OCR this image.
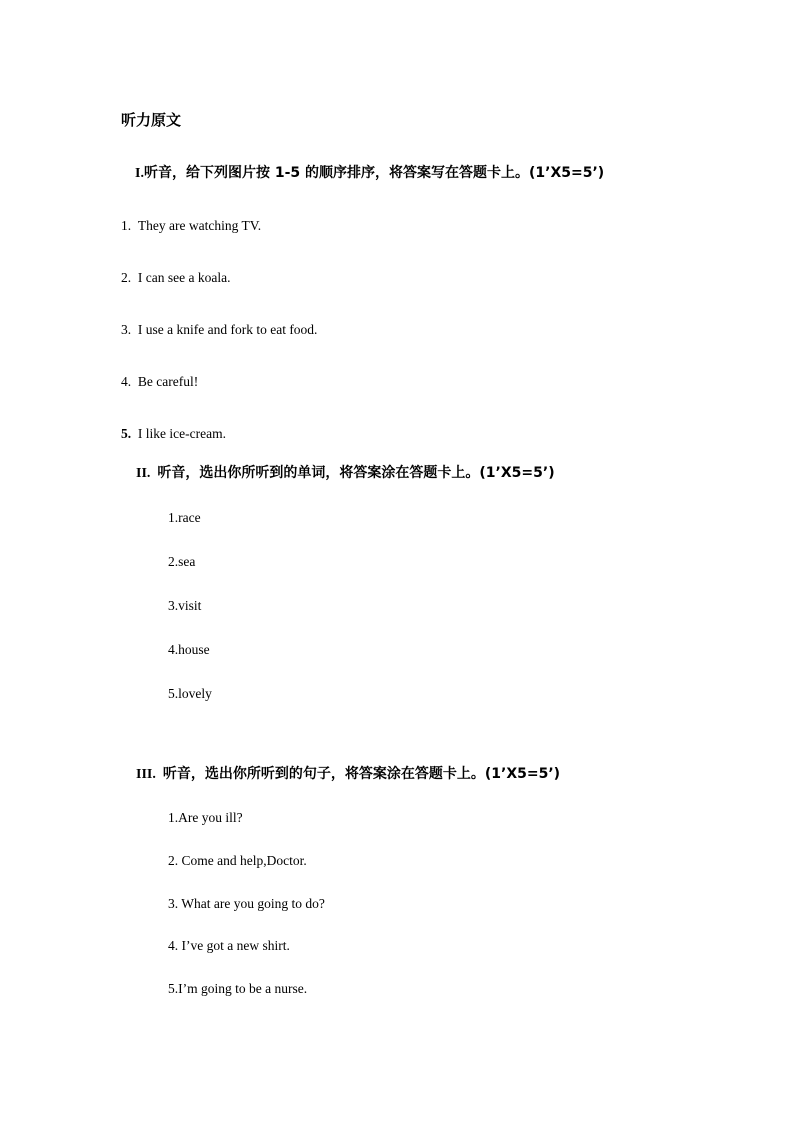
听力原文
I.听音，给下列图片按 1-5 的顺序排序，将答案写在答题卡上。(1’X5=5’)
1. They are watching TV.
2. I can see a koala.
3. I use a knife and fork to eat food.
4. Be careful!
5. I like ice-cream.
II. 听音，选出你所听到的单词，将答案涂在答题卡上。(1’X5=5’)
1.race
2.sea
3.visit
4.house
5.lovely
III. 听音，选出你所听到的句子，将答案涂在答题卡上。(1’X5=5’)
1.Are you ill?
2. Come and help,Doctor.
3. What are you going to do?
4. I’ve got a new shirt.
5.I’m going to be a nurse.
